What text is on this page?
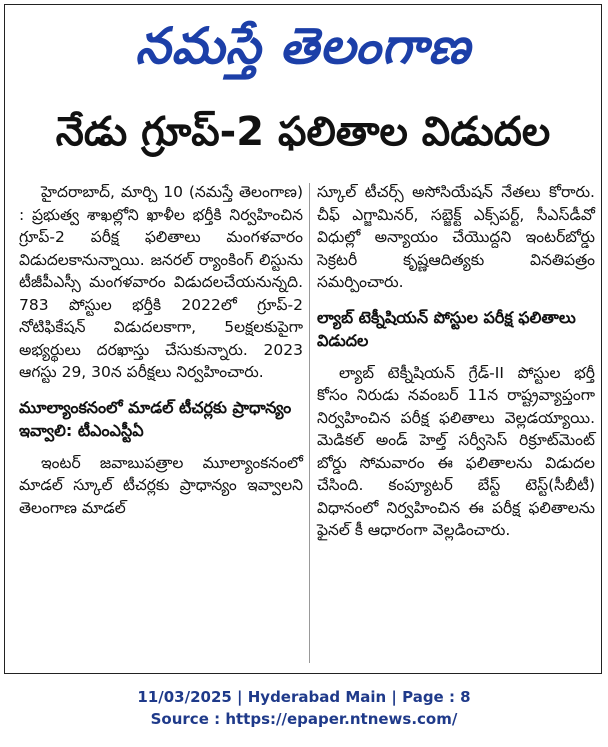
నమస్తే తెలంగాణ
నేడు గ్రూప్-2 ఫలితాల విడుదల

హైదరాబాద్, మార్చి 10 (నమస్తే తెలంగాణ) : ప్రభుత్వ శాఖల్లోని ఖాళీల భర్తీకి నిర్వహించిన గ్రూప్-2 పరీక్ష ఫలితాలు మంగళవారం విడుదలకానున్నాయి. జనరల్ ర్యాంకింగ్ లిస్టును టీజీపీఎస్సీ మంగళవారం విడుదలచేయనున్నది. 783 పోస్టుల భర్తీకి 2022లో గ్రూప్-2 నోటిఫికేషన్ విడుదలకాగా, 5లక్షలకుపైగా అభ్యర్థులు దరఖాస్తు చేసుకున్నారు. 2023 ఆగస్టు 29, 30న పరీక్షలు నిర్వహించారు.

మూల్యాంకనంలో మాడల్ టీచర్లకు ప్రాధాన్యం ఇవ్వాలి: టీఎంఎస్టీఏ

ఇంటర్ జవాబుపత్రాల మూల్యాంకనంలో మాడల్ స్కూల్ టీచర్లకు ప్రాధాన్యం ఇవ్వాలని తెలంగాణ మాడల్

స్కూల్ టీచర్స్ అసోసియేషన్ నేతలు కోరారు. చీఫ్ ఎగ్జామినర్, సబ్జెక్ట్ ఎక్స్‌పర్ట్, సీఎస్‌డీవో విధుల్లో అన్యాయం చేయొద్దని ఇంటర్‌బోర్డు సెక్రటరీ కృష్ణఆదిత్యకు వినతిపత్రం సమర్పించారు.

ల్యాబ్ టెక్నీషియన్ పోస్టుల పరీక్ష ఫలితాలు విడుదల

ల్యాబ్ టెక్నీషియన్ గ్రేడ్-II పోస్టుల భర్తీ కోసం నిరుడు నవంబర్ 11న రాష్ట్రవ్యాప్తంగా నిర్వహించిన పరీక్ష ఫలితాలు వెల్లడయ్యాయి. మెడికల్ అండ్ హెల్త్ సర్వీసెస్ రిక్రూట్‌మెంట్ బోర్డు సోమవారం ఈ ఫలితాలను విడుదల చేసింది. కంప్యూటర్ బేస్ట్ టెస్ట్(సీబీటీ) విధానంలో నిర్వహించిన ఈ పరీక్ష ఫలితాలను ఫైనల్ కీ ఆధారంగా వెల్లడించారు.

11/03/2025 | Hyderabad Main | Page : 8
Source : https://epaper.ntnews.com/
